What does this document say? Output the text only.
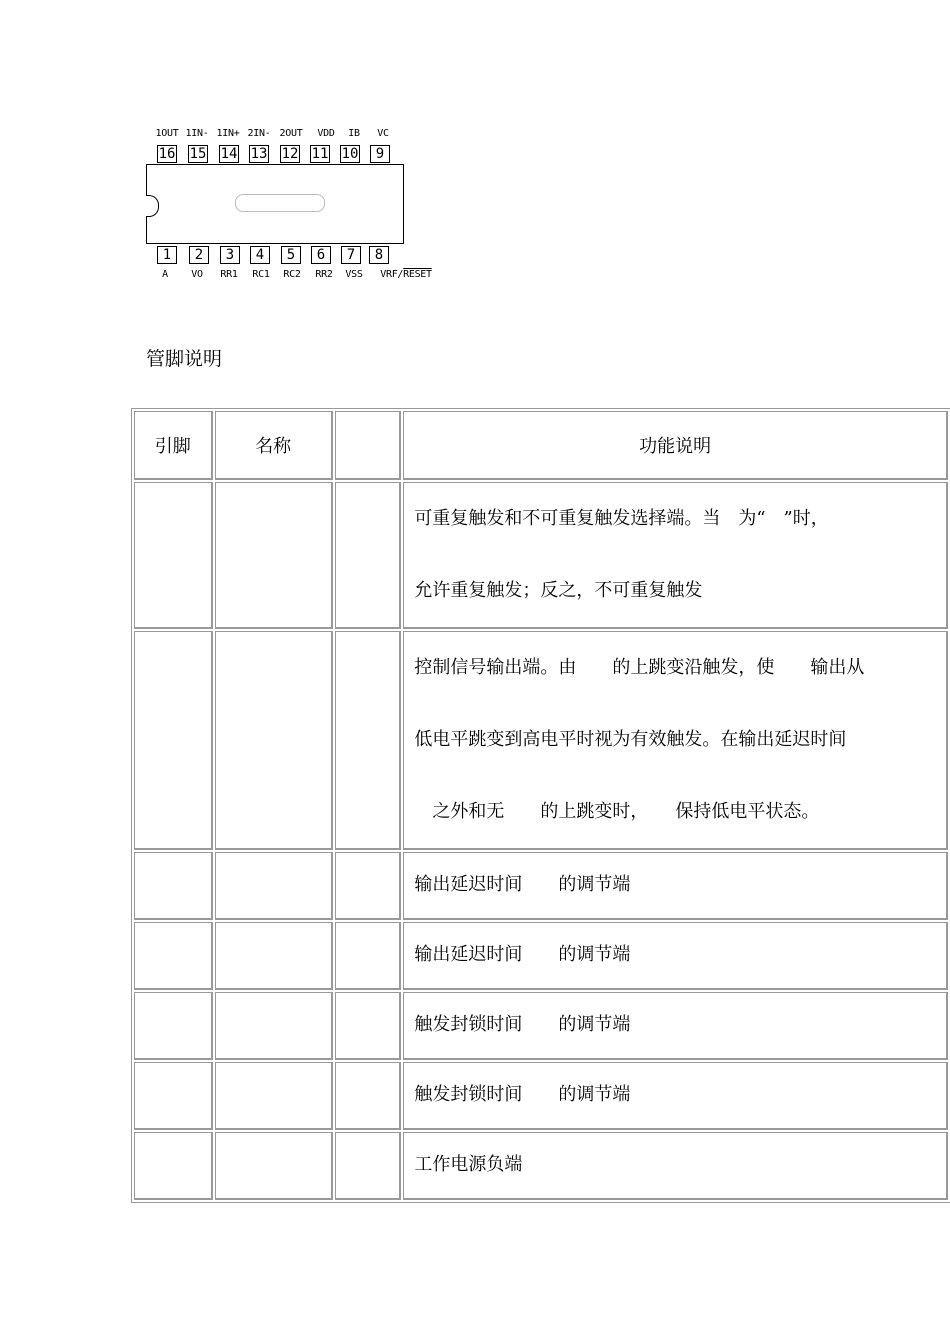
1OUT 1IN- 1IN+ 2IN- 2OUT VDD IB VC
16 15 14 13 12 11 10	9
1	2	3	4	5	6	7	8
A VO RR1 RC1 RC2 RR2 VSS VRF/RESET
管脚说明
引脚	名称		功能说明

			可重复触发和不可重复触发选择端。当　为“　”时，
允许重复触发；反之，不可重复触发

			控制信号输出端。由　　的上跳变沿触发，使　　输出从
低电平跳变到高电平时视为有效触发。在输出延迟时间
　之外和无　　的上跳变时，　　保持低电平状态。

			输出延迟时间　　的调节端

			输出延迟时间　　的调节端

			触发封锁时间　　的调节端

			触发封锁时间　　的调节端

			工作电源负端
